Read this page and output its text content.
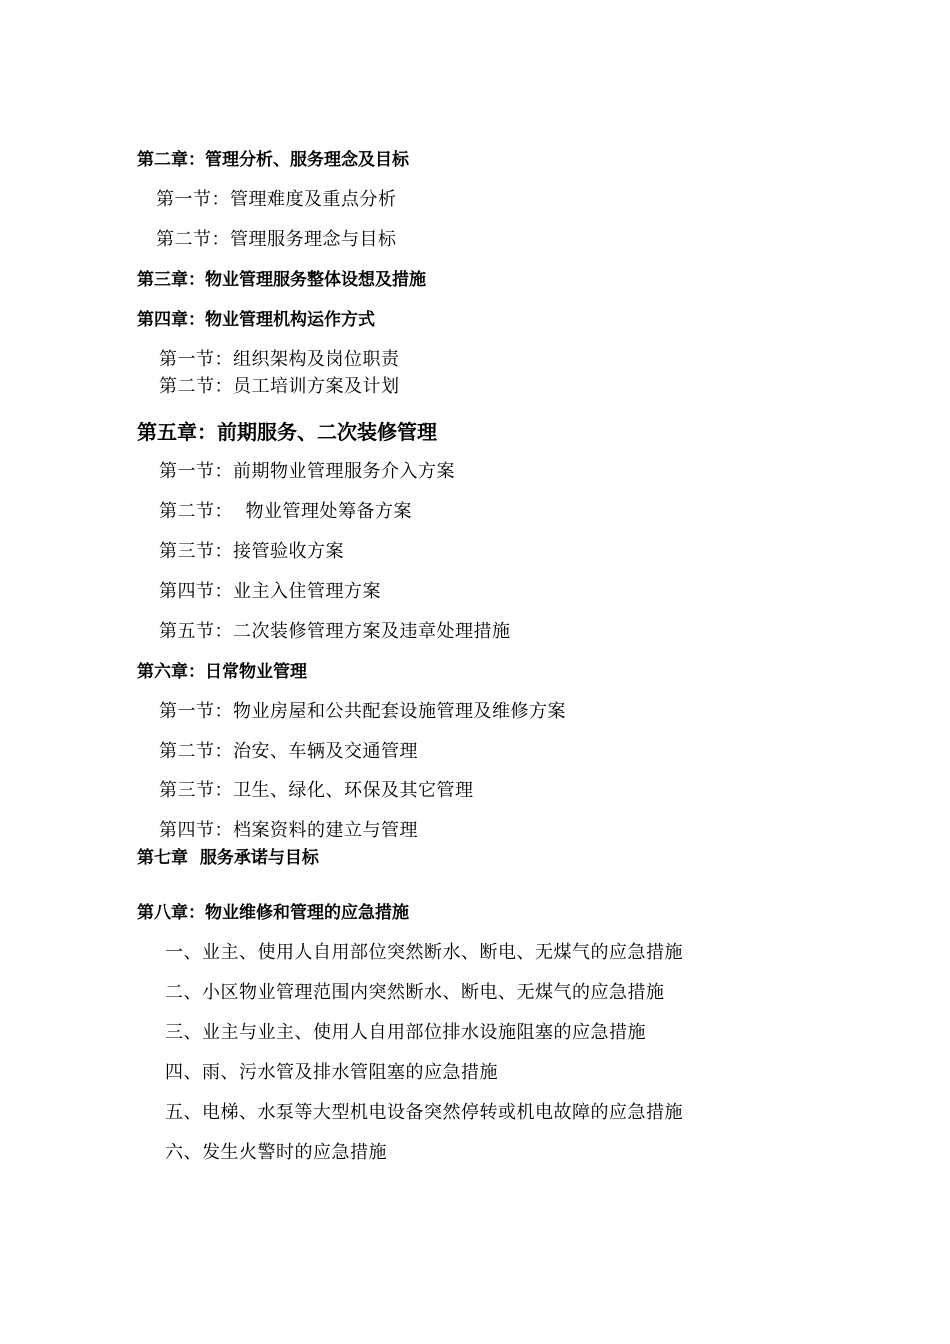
第二章：管理分析、服务理念及目标
第一节：管理难度及重点分析
第二节：管理服务理念与目标
第三章：物业管理服务整体设想及措施
第四章：物业管理机构运作方式
第一节：组织架构及岗位职责
第二节：员工培训方案及计划
第五章：前期服务、二次装修管理
第一节：前期物业管理服务介入方案
第二节：  物业管理处筹备方案
第三节：接管验收方案
第四节：业主入住管理方案
第五节：二次装修管理方案及违章处理措施
第六章：日常物业管理
第一节：物业房屋和公共配套设施管理及维修方案
第二节：治安、车辆及交通管理
第三节：卫生、绿化、环保及其它管理
第四节：档案资料的建立与管理
第七章  服务承诺与目标
第八章：物业维修和管理的应急措施
一、业主、使用人自用部位突然断水、断电、无煤气的应急措施
二、小区物业管理范围内突然断水、断电、无煤气的应急措施
三、业主与业主、使用人自用部位排水设施阻塞的应急措施
四、雨、污水管及排水管阻塞的应急措施
五、电梯、水泵等大型机电设备突然停转或机电故障的应急措施
六、发生火警时的应急措施
